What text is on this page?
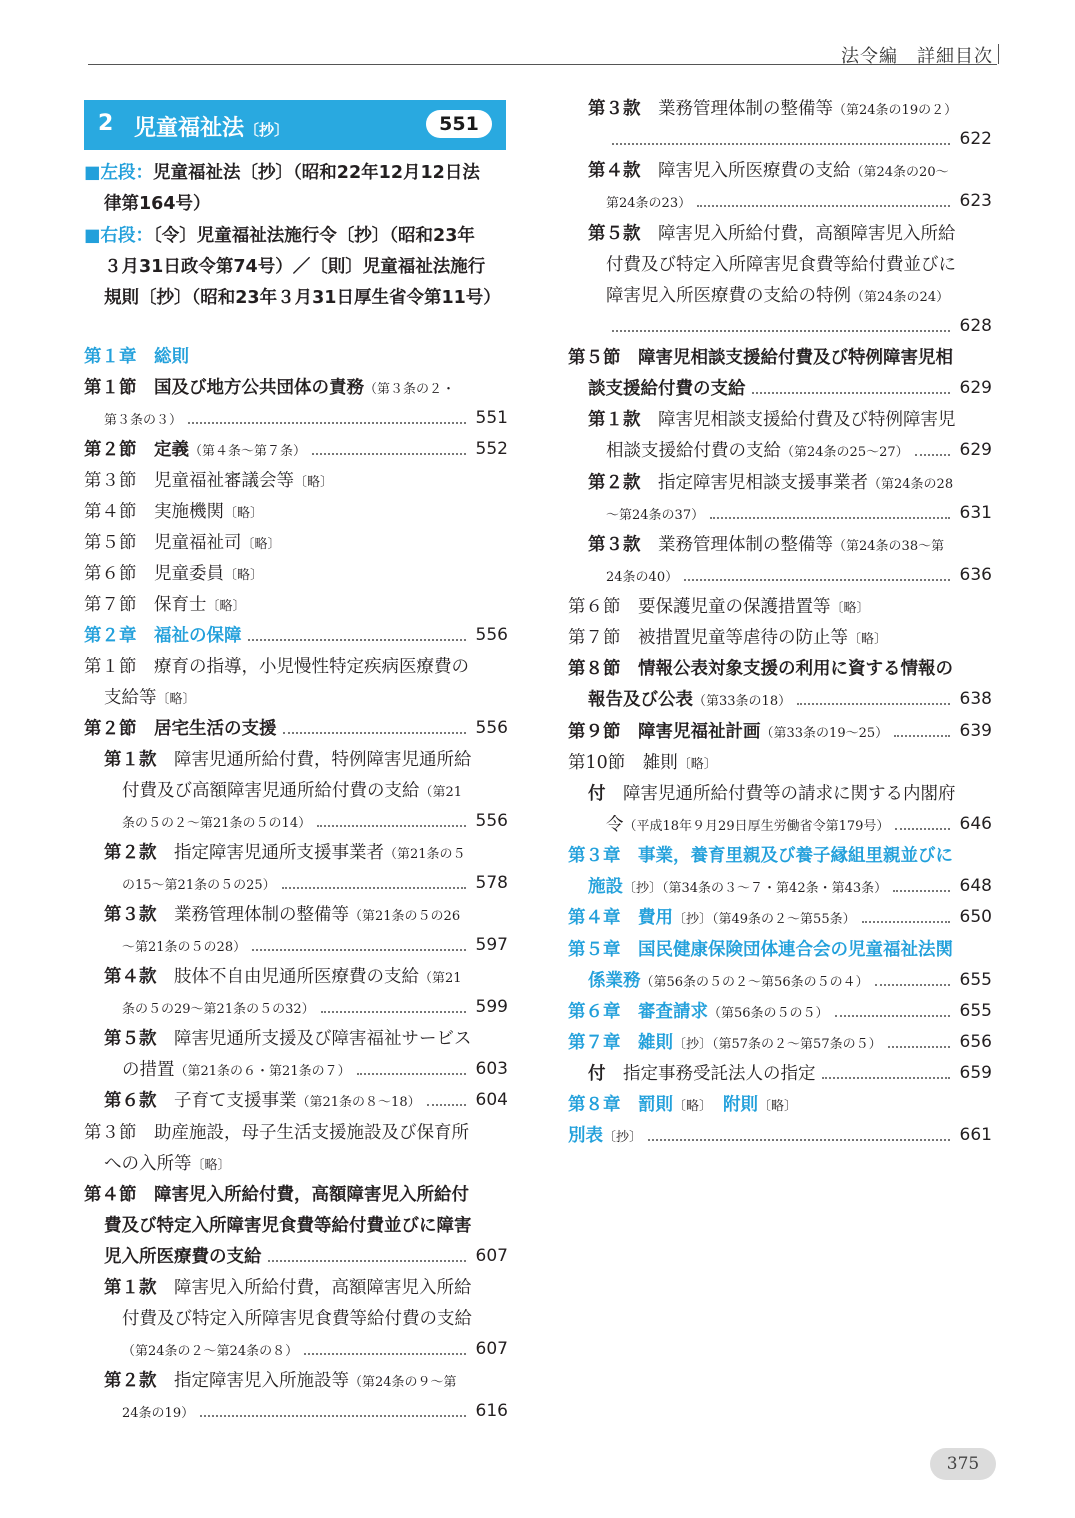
法令編　詳細目次
2 児童福祉法〔抄〕	551
■左段：児童福祉法〔抄〕（昭和22年12月12日法
律第164号）
■右段：〔令〕児童福祉法施行令〔抄〕（昭和23年
３月31日政令第74号）／〔則〕児童福祉法施行
規則〔抄〕（昭和23年３月31日厚生省令第11号）
第１章　総則
第１節　国及び地方公共団体の責務（第３条の２・
第３条の３）	551
第２節　定義（第４条～第７条）	552
第３節　児童福祉審議会等〔略〕
第４節　実施機関〔略〕
第５節　児童福祉司〔略〕
第６節　児童委員〔略〕
第７節　保育士〔略〕
第２章　福祉の保障	556
第１節　療育の指導，小児慢性特定疾病医療費の
支給等〔略〕
第２節　居宅生活の支援	556
第１款　障害児通所給付費，特例障害児通所給
付費及び高額障害児通所給付費の支給（第21
条の５の２～第21条の５の14）	556
第２款　指定障害児通所支援事業者（第21条の５
の15～第21条の５の25）	578
第３款　業務管理体制の整備等（第21条の５の26
～第21条の５の28）	597
第４款　肢体不自由児通所医療費の支給（第21
条の５の29～第21条の５の32）	599
第５款　障害児通所支援及び障害福祉サービス
の措置（第21条の６・第21条の７）	603
第６款　子育て支援事業（第21条の８～18）	604
第３節　助産施設，母子生活支援施設及び保育所
への入所等〔略〕
第４節　障害児入所給付費，高額障害児入所給付
費及び特定入所障害児食費等給付費並びに障害
児入所医療費の支給	607
第１款　障害児入所給付費，高額障害児入所給
付費及び特定入所障害児食費等給付費の支給
（第24条の２～第24条の８）	607
第２款　指定障害児入所施設等（第24条の９～第
24条の19）	616
第３款　業務管理体制の整備等（第24条の19の２）
622
第４款　障害児入所医療費の支給（第24条の20～
第24条の23）	623
第５款　障害児入所給付費，高額障害児入所給
付費及び特定入所障害児食費等給付費並びに
障害児入所医療費の支給の特例（第24条の24）
628
第５節　障害児相談支援給付費及び特例障害児相
談支援給付費の支給	629
第１款　障害児相談支援給付費及び特例障害児
相談支援給付費の支給（第24条の25～27）	629
第２款　指定障害児相談支援事業者（第24条の28
～第24条の37）	631
第３款　業務管理体制の整備等（第24条の38～第
24条の40）	636
第６節　要保護児童の保護措置等〔略〕
第７節　被措置児童等虐待の防止等〔略〕
第８節　情報公表対象支援の利用に資する情報の
報告及び公表（第33条の18）	638
第９節　障害児福祉計画（第33条の19～25）	639
第10節　雑則〔略〕
付　障害児通所給付費等の請求に関する内閣府
令（平成18年９月29日厚生労働省令第179号）	646
第３章　事業，養育里親及び養子縁組里親並びに
施設〔抄〕（第34条の３～７・第42条・第43条）	648
第４章　費用〔抄〕（第49条の２～第55条）	650
第５章　国民健康保険団体連合会の児童福祉法関
係業務（第56条の５の２～第56条の５の４）	655
第６章　審査請求（第56条の５の５）	655
第７章　雑則〔抄〕（第57条の２～第57条の５）	656
付　指定事務受託法人の指定	659
第８章　罰則〔略〕　附則〔略〕
別表〔抄〕	661
375
